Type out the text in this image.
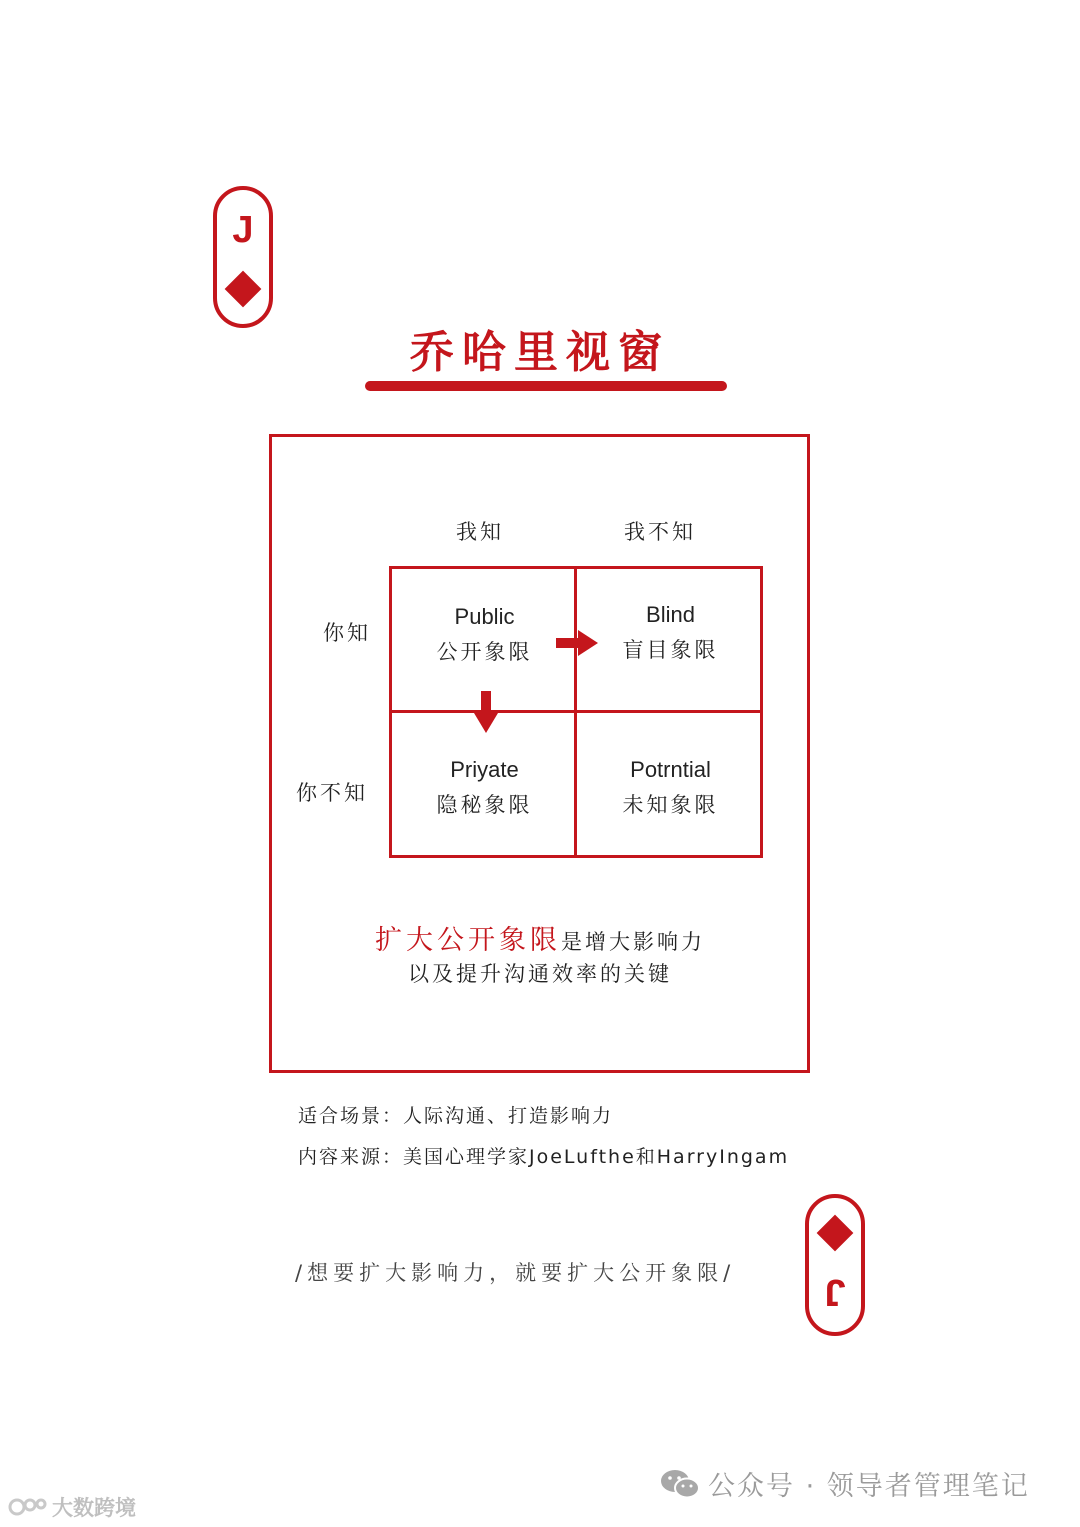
J
J
乔哈里视窗
我知	我不知
你知
你不知
Public
公开象限
Blind
盲目象限
Priyate
隐秘象限
Potrntial
未知象限
扩大公开象限是增大影响力
以及提升沟通效率的关键
适合场景：人际沟通、打造影响力
内容来源：美国心理学家JoeLufthe和HarryIngam
/想要扩大影响力，就要扩大公开象限/
公众号 · 领导者管理笔记
大数跨境
